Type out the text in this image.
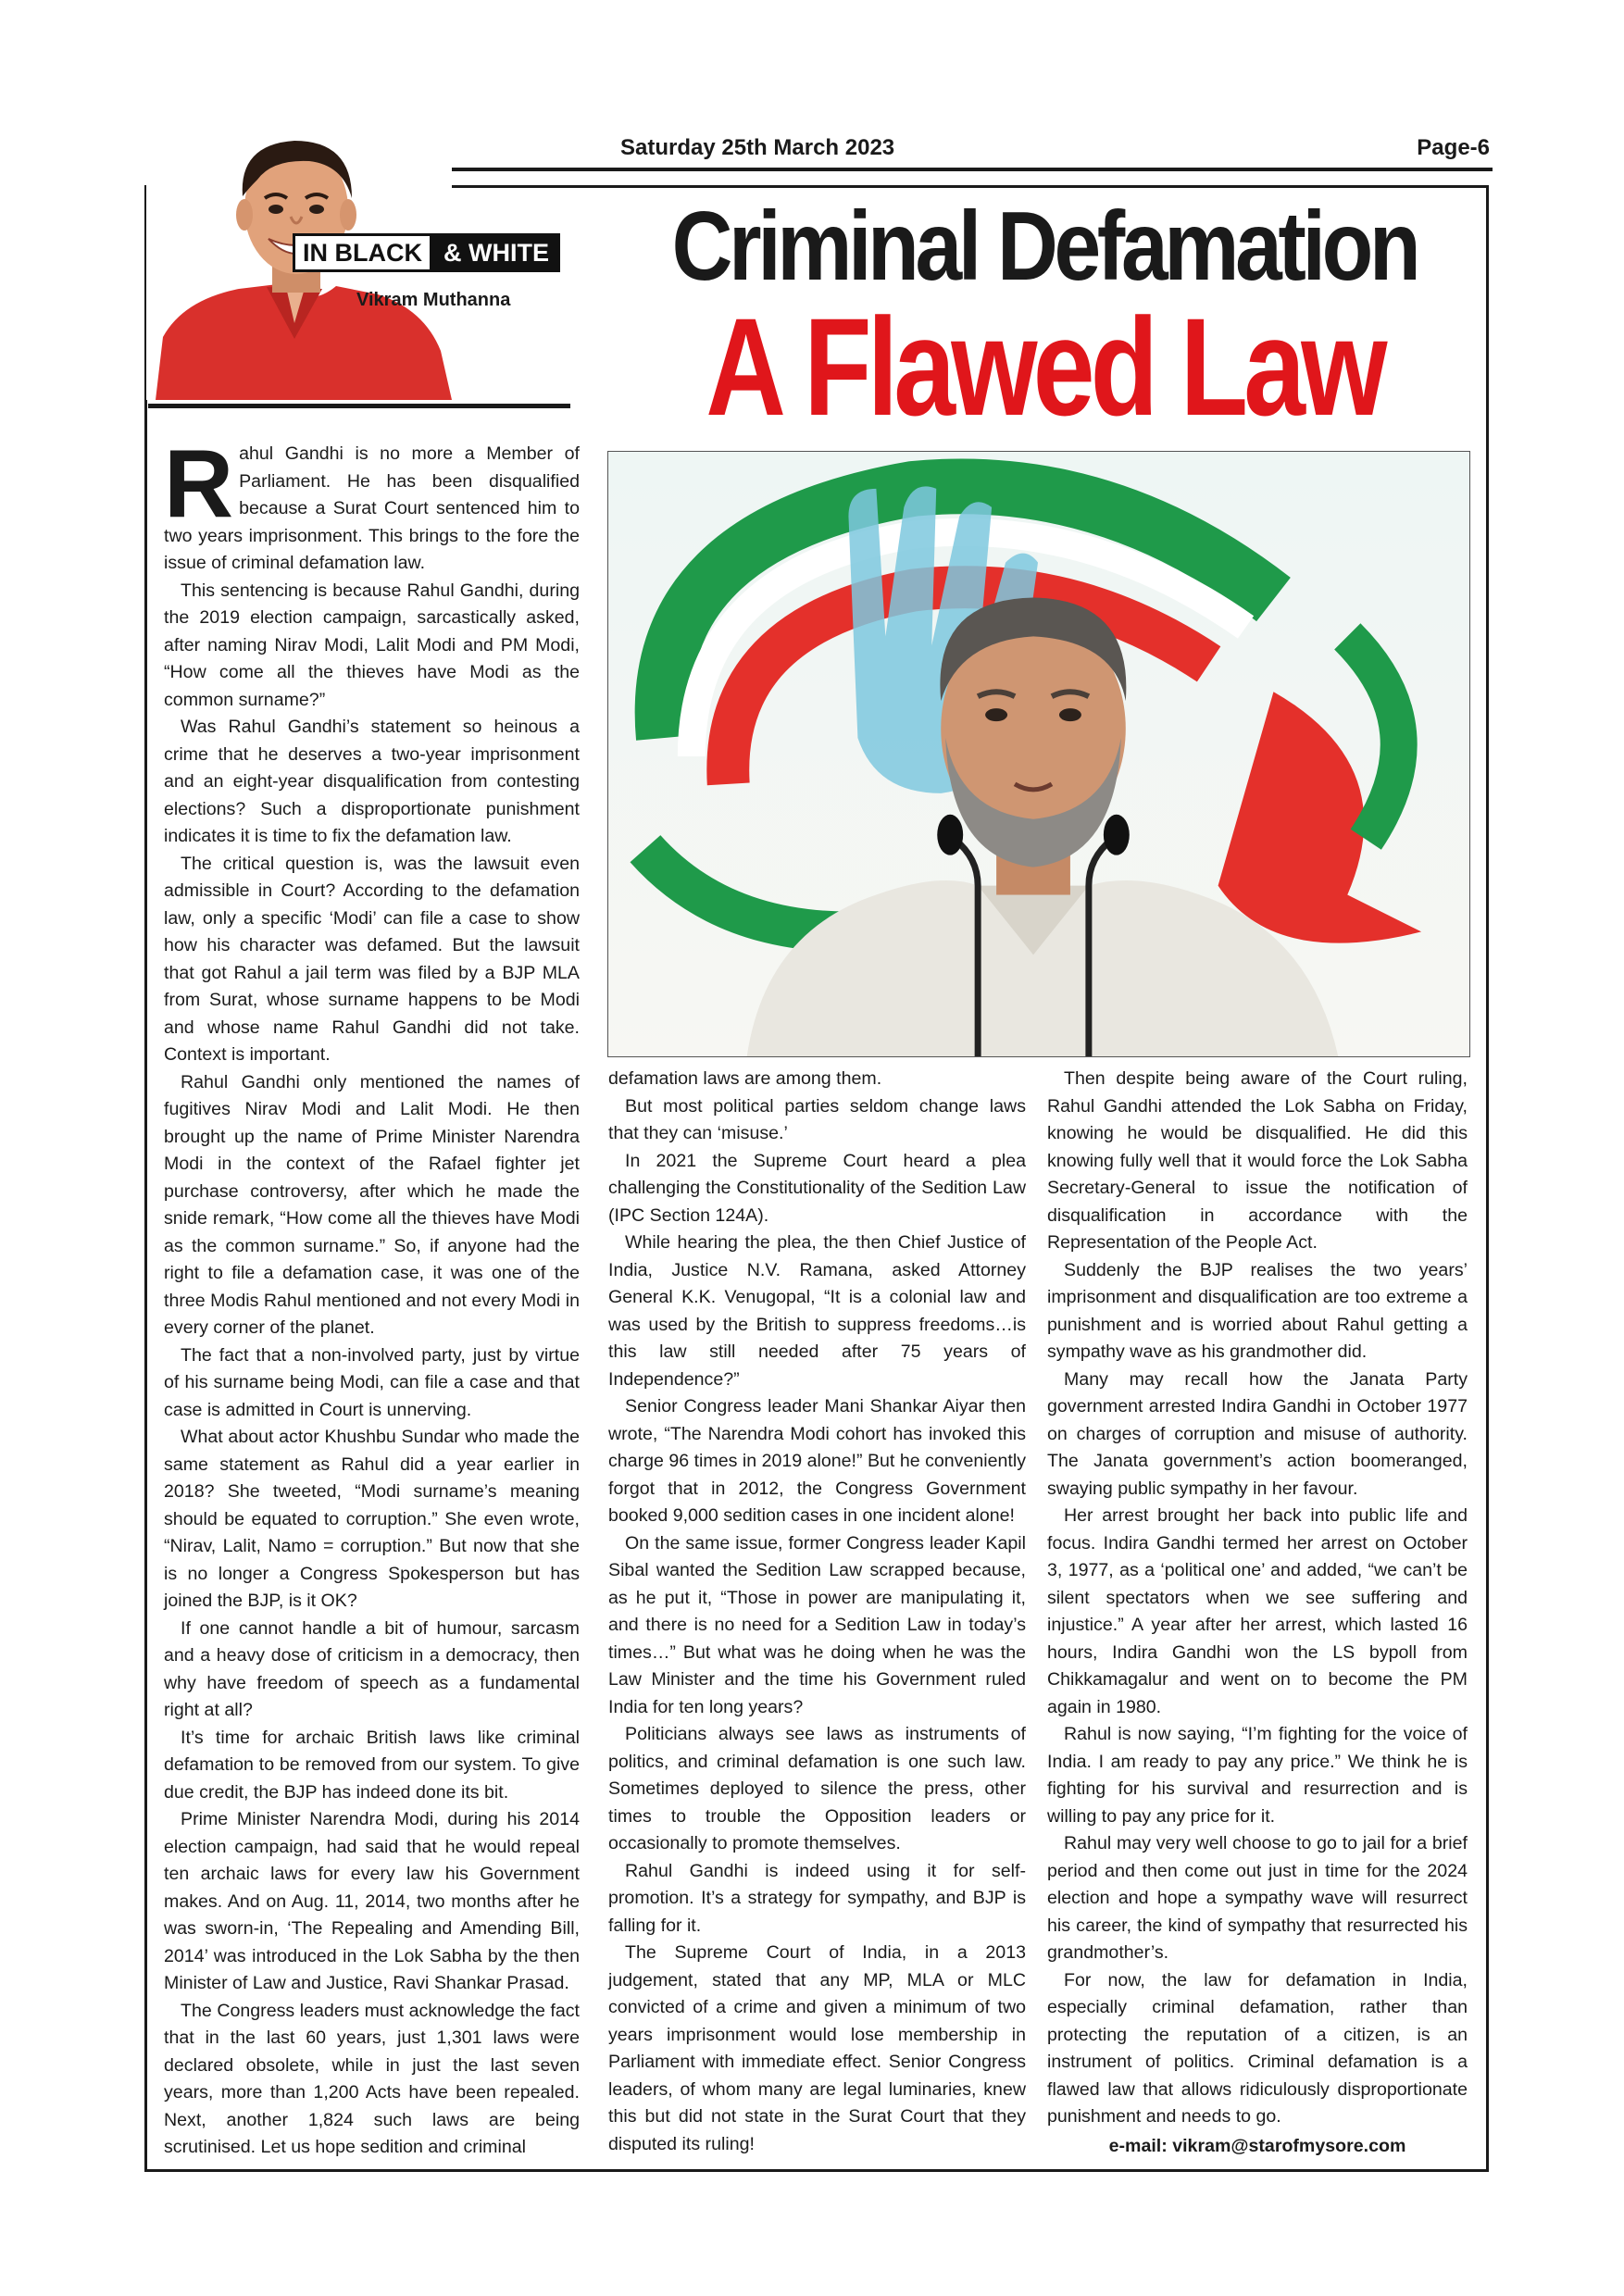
Saturday 25th March 2023	Page-6
IN BLACK & WHITE
Vikram Muthanna Criminal Defamation
A Flawed Law

Rahul Gandhi is no more a Member of Parliament. He has been disqualified because a Surat Court sentenced him to two years imprisonment. This brings to the fore the issue of criminal defamation law.

This sentencing is because Rahul Gandhi, during the 2019 election campaign, sarcastically asked, after naming Nirav Modi, Lalit Modi and PM Modi, “How come all the thieves have Modi as the common surname?”

Was Rahul Gandhi’s statement so heinous a crime that he deserves a two-year imprisonment and an eight-year disqualification from contesting elections? Such a disproportionate punishment indicates it is time to fix the defamation law.

The critical question is, was the lawsuit even admissible in Court? According to the defamation law, only a specific ‘Modi’ can file a case to show how his character was defamed. But the lawsuit that got Rahul a jail term was filed by a BJP MLA from Surat, whose surname happens to be Modi and whose name Rahul Gandhi did not take. Context is important.

Rahul Gandhi only mentioned the names of fugitives Nirav Modi and Lalit Modi. He then brought up the name of Prime Minister Narendra Modi in the context of the Rafael fighter jet purchase controversy, after which he made the snide remark, “How come all the thieves have Modi as the common surname.” So, if anyone had the right to file a defamation case, it was one of the three Modis Rahul mentioned and not every Modi in every corner of the planet.

The fact that a non-involved party, just by virtue of his surname being Modi, can file a case and that case is admitted in Court is unnerving.

What about actor Khushbu Sundar who made the same statement as Rahul did a year earlier in 2018? She tweeted, “Modi surname’s meaning should be equated to corruption.” She even wrote, “Nirav, Lalit, Namo = corruption.” But now that she is no longer a Congress Spokesperson but has joined the BJP, is it OK?

If one cannot handle a bit of humour, sarcasm and a heavy dose of criticism in a democracy, then why have freedom of speech as a fundamental right at all?

It’s time for archaic British laws like criminal defamation to be removed from our system. To give due credit, the BJP has indeed done its bit.

Prime Minister Narendra Modi, during his 2014 election campaign, had said that he would repeal ten archaic laws for every law his Government makes. And on Aug. 11, 2014, two months after he was sworn-in, ‘The Repealing and Amending Bill, 2014’ was introduced in the Lok Sabha by the then Minister of Law and Justice, Ravi Shankar Prasad.

The Congress leaders must acknowledge the fact that in the last 60 years, just 1,301 laws were declared obsolete, while in just the last seven years, more than 1,200 Acts have been repealed. Next, another 1,824 such laws are being scrutinised. Let us hope sedition and criminal

defamation laws are among them.

But most political parties seldom change laws that they can ‘misuse.’

In 2021 the Supreme Court heard a plea challenging the Constitutionality of the Sedition Law (IPC Section 124A).

While hearing the plea, the then Chief Justice of India, Justice N.V. Ramana, asked Attorney General K.K. Venugopal, “It is a colonial law and was used by the British to suppress freedoms…is this law still needed after 75 years of Independence?”

Senior Congress leader Mani Shankar Aiyar then wrote, “The Narendra Modi cohort has invoked this charge 96 times in 2019 alone!” But he conveniently forgot that in 2012, the Congress Government booked 9,000 sedition cases in one incident alone!

On the same issue, former Congress leader Kapil Sibal wanted the Sedition Law scrapped because, as he put it, “Those in power are manipulating it, and there is no need for a Sedition Law in today’s times…” But what was he doing when he was the Law Minister and the time his Government ruled India for ten long years?

Politicians always see laws as instruments of politics, and criminal defamation is one such law. Sometimes deployed to silence the press, other times to trouble the Opposition leaders or occasionally to promote themselves.

Rahul Gandhi is indeed using it for self-promotion. It’s a strategy for sympathy, and BJP is falling for it.

The Supreme Court of India, in a 2013 judgement, stated that any MP, MLA or MLC convicted of a crime and given a minimum of two years imprisonment would lose membership in Parliament with immediate effect. Senior Congress leaders, of whom many are legal luminaries, knew this but did not state in the Surat Court that they disputed its ruling!

Then despite being aware of the Court ruling, Rahul Gandhi attended the Lok Sabha on Friday, knowing he would be disqualified. He did this knowing fully well that it would force the Lok Sabha Secretary-General to issue the notification of disqualification in accordance with the Representation of the People Act.

Suddenly the BJP realises the two years’ imprisonment and disqualification are too extreme a punishment and is worried about Rahul getting a sympathy wave as his grandmother did.

Many may recall how the Janata Party government arrested Indira Gandhi in October 1977 on charges of corruption and misuse of authority. The Janata government’s action boomeranged, swaying public sympathy in her favour.

Her arrest brought her back into public life and focus. Indira Gandhi termed her arrest on October 3, 1977, as a ‘political one’ and added, “we can’t be silent spectators when we see suffering and injustice.” A year after her arrest, which lasted 16 hours, Indira Gandhi won the LS bypoll from Chikkamagalur and went on to become the PM again in 1980.

Rahul is now saying, “I’m fighting for the voice of India. I am ready to pay any price.” We think he is fighting for his survival and resurrection and is willing to pay any price for it.

Rahul may very well choose to go to jail for a brief period and then come out just in time for the 2024 election and hope a sympathy wave will resurrect his career, the kind of sympathy that resurrected his grandmother’s.

For now, the law for defamation in India, especially criminal defamation, rather than protecting the reputation of a citizen, is an instrument of politics. Criminal defamation is a flawed law that allows ridiculously disproportionate punishment and needs to go.

e-mail: vikram@starofmysore.com
